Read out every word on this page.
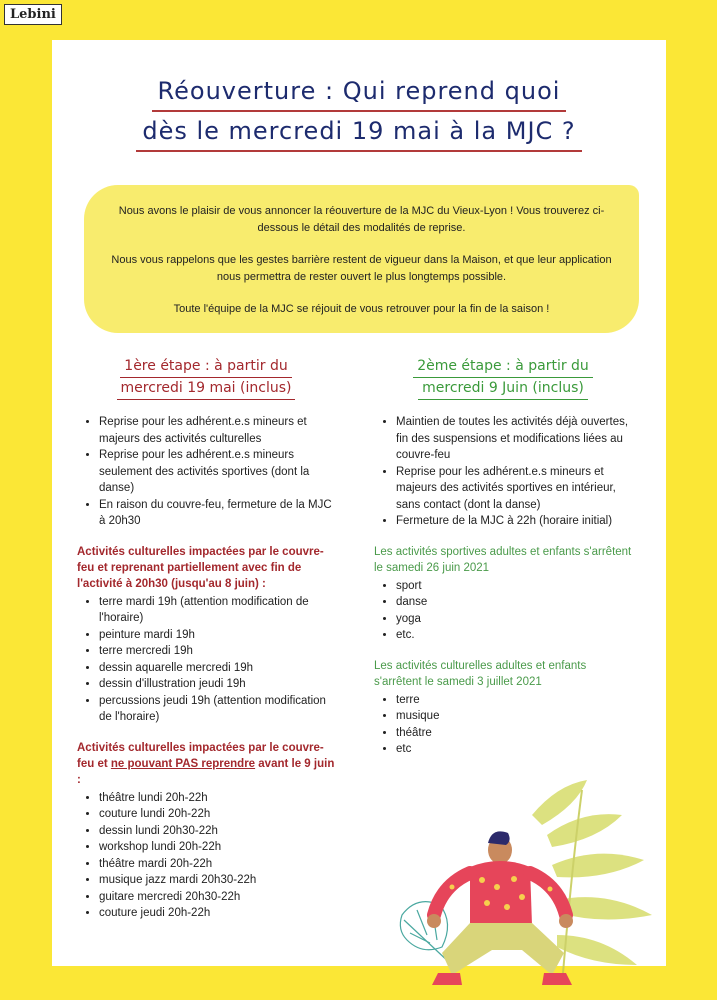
Lebini
Réouverture : Qui reprend quoi
dès le mercredi 19 mai à la MJC ?

Nous avons le plaisir de vous annoncer la réouverture de la MJC du Vieux-Lyon ! Vous trouverez ci-dessous le détail des modalités de reprise.

Nous vous rappelons que les gestes barrière restent de vigueur dans la Maison, et que leur application nous permettra de rester ouvert le plus longtemps possible.

Toute l'équipe de la MJC se réjouit de vous retrouver pour la fin de la saison !

1ère étape : à partir du
mercredi 19 mai (inclus)
• Reprise pour les adhérent.e.s mineurs et majeurs des activités culturelles
• Reprise pour les adhérent.e.s mineurs seulement des activités sportives (dont la danse)
• En raison du couvre-feu, fermeture de la MJC à 20h30
Activités culturelles impactées par le couvre-feu et reprenant partiellement avec fin de l'activité à 20h30 (jusqu'au 8 juin) :
• terre mardi 19h (attention modification de l'horaire)
• peinture mardi 19h
• terre mercredi 19h
• dessin aquarelle mercredi 19h
• dessin d'illustration jeudi 19h
• percussions jeudi 19h (attention modification de l'horaire)
Activités culturelles impactées par le couvre-feu et ne pouvant PAS reprendre avant le 9 juin :
• théâtre lundi 20h-22h
• couture lundi 20h-22h
• dessin lundi 20h30-22h
• workshop lundi 20h-22h
• théâtre mardi 20h-22h
• musique jazz mardi 20h30-22h
• guitare mercredi 20h30-22h
• couture jeudi 20h-22h
2ème étape : à partir du
mercredi 9 Juin (inclus)
• Maintien de toutes les activités déjà ouvertes, fin des suspensions et modifications liées au couvre-feu
• Reprise pour les adhérent.e.s mineurs et majeurs des activités sportives en intérieur, sans contact (dont la danse)
• Fermeture de la MJC à 22h (horaire initial)
Les activités sportives adultes et enfants s'arrêtent le samedi 26 juin 2021
• sport
• danse
• yoga
• etc.
Les activités culturelles adultes et enfants s'arrêtent le samedi 3 juillet 2021
• terre
• musique
• théâtre
• etc
